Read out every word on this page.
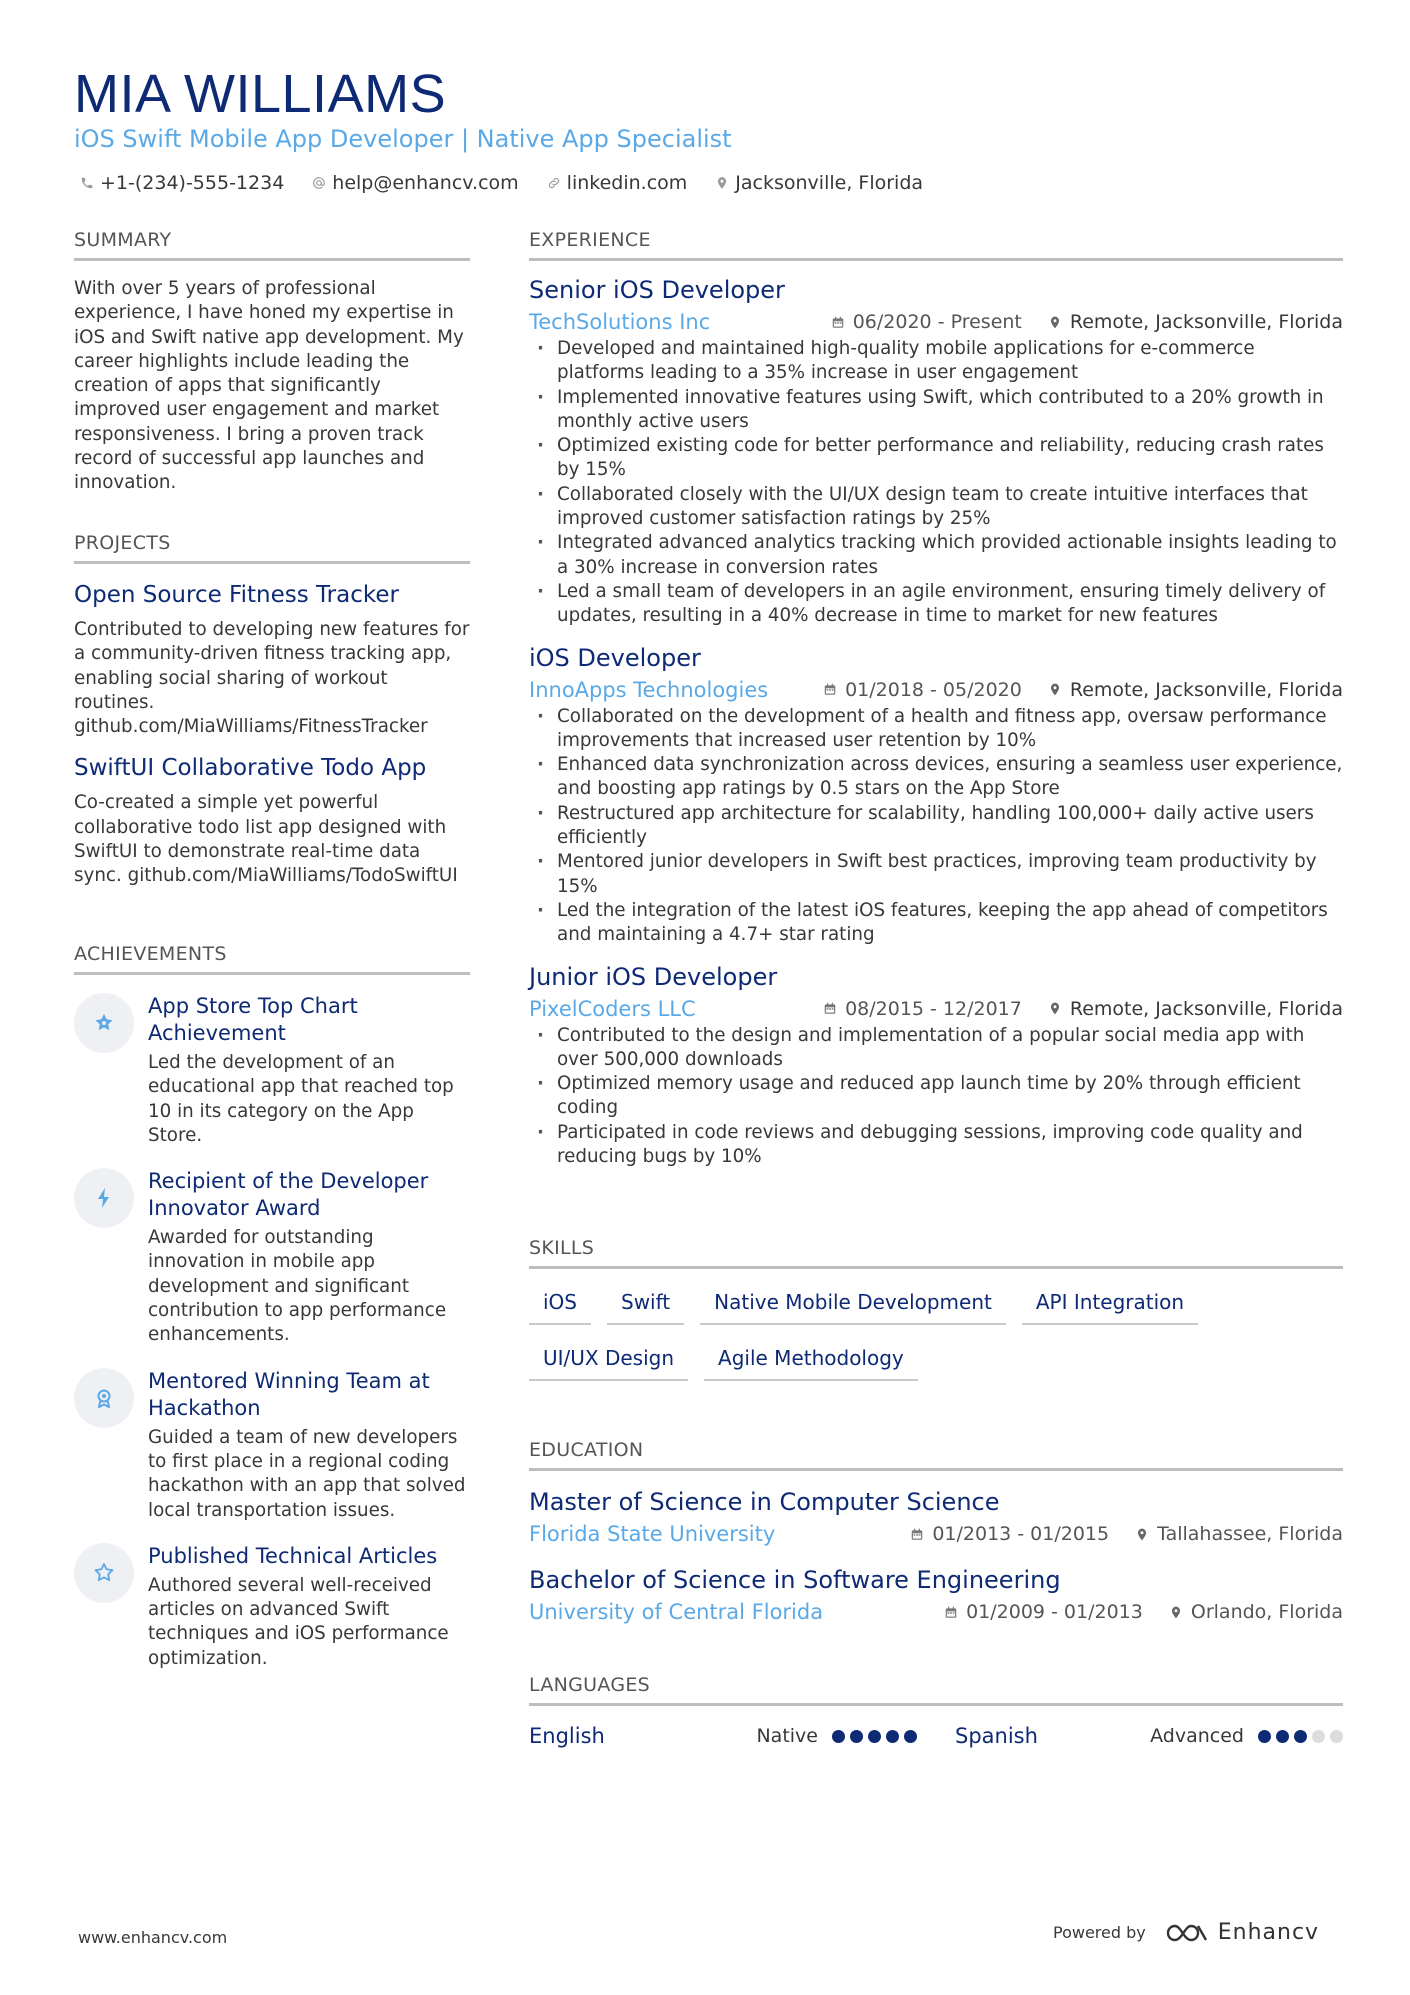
MIA WILLIAMS
iOS Swift Mobile App Developer | Native App Specialist
+1-(234)-555-1234	help@enhancv.com	linkedin.com	Jacksonville, Florida
SUMMARY
With over 5 years of professional experience, I have honed my expertise in iOS and Swift native app development. My career highlights include leading the creation of apps that significantly improved user engagement and market responsiveness. I bring a proven track record of successful app launches and innovation.
PROJECTS
Open Source Fitness Tracker
Contributed to developing new features for a community-driven fitness tracking app, enabling social sharing of workout routines. github.com/MiaWilliams/FitnessTracker
SwiftUI Collaborative Todo App
Co-created a simple yet powerful collaborative todo list app designed with SwiftUI to demonstrate real-time data sync. github.com/MiaWilliams/TodoSwiftUI
ACHIEVEMENTS
App Store Top Chart Achievement
Led the development of an educational app that reached top 10 in its category on the App Store.
Recipient of the Developer Innovator Award
Awarded for outstanding innovation in mobile app development and significant contribution to app performance enhancements.
Mentored Winning Team at Hackathon
Guided a team of new developers to first place in a regional coding hackathon with an app that solved local transportation issues.
Published Technical Articles
Authored several well-received articles on advanced Swift techniques and iOS performance optimization.
EXPERIENCE
Senior iOS Developer
TechSolutions Inc	06/2020 - Present	Remote, Jacksonville, Florida
· Developed and maintained high-quality mobile applications for e-commerce platforms leading to a 35% increase in user engagement
· Implemented innovative features using Swift, which contributed to a 20% growth in monthly active users
· Optimized existing code for better performance and reliability, reducing crash rates by 15%
· Collaborated closely with the UI/UX design team to create intuitive interfaces that improved customer satisfaction ratings by 25%
· Integrated advanced analytics tracking which provided actionable insights leading to a 30% increase in conversion rates
· Led a small team of developers in an agile environment, ensuring timely delivery of updates, resulting in a 40% decrease in time to market for new features
iOS Developer
InnoApps Technologies	01/2018 - 05/2020	Remote, Jacksonville, Florida
· Collaborated on the development of a health and fitness app, oversaw performance improvements that increased user retention by 10%
· Enhanced data synchronization across devices, ensuring a seamless user experience, and boosting app ratings by 0.5 stars on the App Store
· Restructured app architecture for scalability, handling 100,000+ daily active users efficiently
· Mentored junior developers in Swift best practices, improving team productivity by 15%
· Led the integration of the latest iOS features, keeping the app ahead of competitors and maintaining a 4.7+ star rating
Junior iOS Developer
PixelCoders LLC	08/2015 - 12/2017	Remote, Jacksonville, Florida
· Contributed to the design and implementation of a popular social media app with over 500,000 downloads
· Optimized memory usage and reduced app launch time by 20% through efficient coding
· Participated in code reviews and debugging sessions, improving code quality and reducing bugs by 10%
SKILLS
iOS	Swift	Native Mobile Development	API Integration
UI/UX Design	Agile Methodology
EDUCATION
Master of Science in Computer Science
Florida State University	01/2013 - 01/2015	Tallahassee, Florida
Bachelor of Science in Software Engineering
University of Central Florida	01/2009 - 01/2013	Orlando, Florida
LANGUAGES
English	Native	Spanish	Advanced
www.enhancv.com	Powered by	Enhancv
